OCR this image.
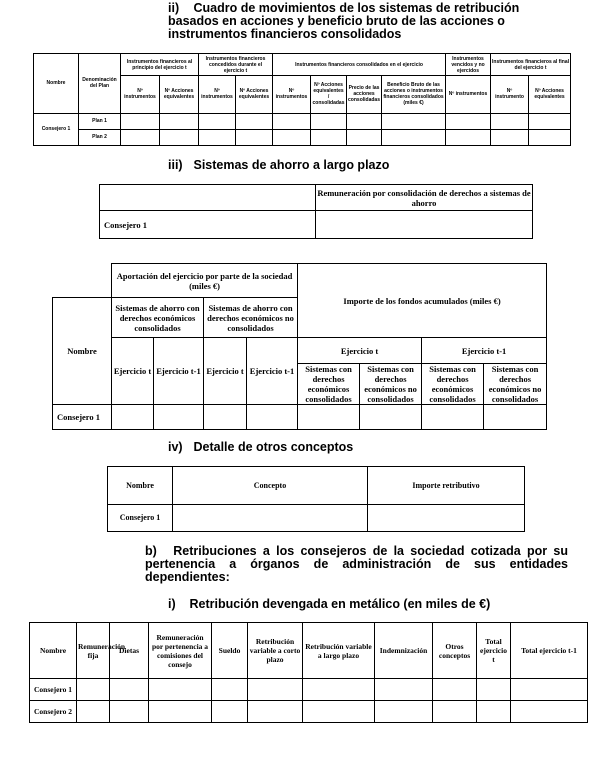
ii) Cuadro de movimientos de los sistemas de retribución basados en acciones y beneficio bruto de las acciones o instrumentos financieros consolidados
Nombre	Denominación del Plan	Instrumentos financieros al principio del ejercicio t		Instrumentos financieros concedidos durante el ejercicio t		Instrumentos financieros consolidados en el ejercicio				Instrumentos vencidos y no ejercidos	Instrumentos financieros al final del ejercicio t	
		Nº instrumentos	Nº Acciones equivalentes	Nº instrumentos	Nº Acciones equivalentes	Nº instrumentos	Nº Acciones equivalentes / consolidadas	Precio de las acciones consolidadas	Beneficio Bruto de las acciones o instrumentos financieros consolidados (miles €)	Nº instrumentos	Nº instrumento	Nº Acciones equivalentes
Consejero 1	Plan 1											
	Plan 2											
iii) Sistemas de ahorro a largo plazo
	Remuneración por consolidación de derechos a sistemas de ahorro
Consejero 1	
	Aportación del ejercicio por parte de la sociedad (miles €)				Importe de los fondos acumulados (miles €)			
Nombre	Sistemas de ahorro con derechos económicos consolidados		Sistemas de ahorro con derechos económicos no consolidados					
	Ejercicio t	Ejercicio t-1	Ejercicio t	Ejercicio t-1	Ejercicio t		Ejercicio t-1	
					Sistemas con derechos económicos consolidados	Sistemas con derechos económicos no consolidados	Sistemas con derechos económicos consolidados	Sistemas con derechos económicos no consolidados
Consejero 1								
iv) Detalle de otros conceptos
Nombre	Concepto	Importe retributivo
Consejero 1		
b) Retribuciones a los consejeros de la sociedad cotizada por su pertenencia a órganos de administración de sus entidades dependientes:
i) Retribución devengada en metálico (en miles de €)
Nombre	Remuneración fija	Dietas	Remuneración por pertenencia a comisiones del consejo	Sueldo	Retribución variable a corto plazo	Retribución variable a largo plazo	Indemnización	Otros conceptos	Total ejercicio t	Total ejercicio t-1
Consejero 1										
Consejero 2										
